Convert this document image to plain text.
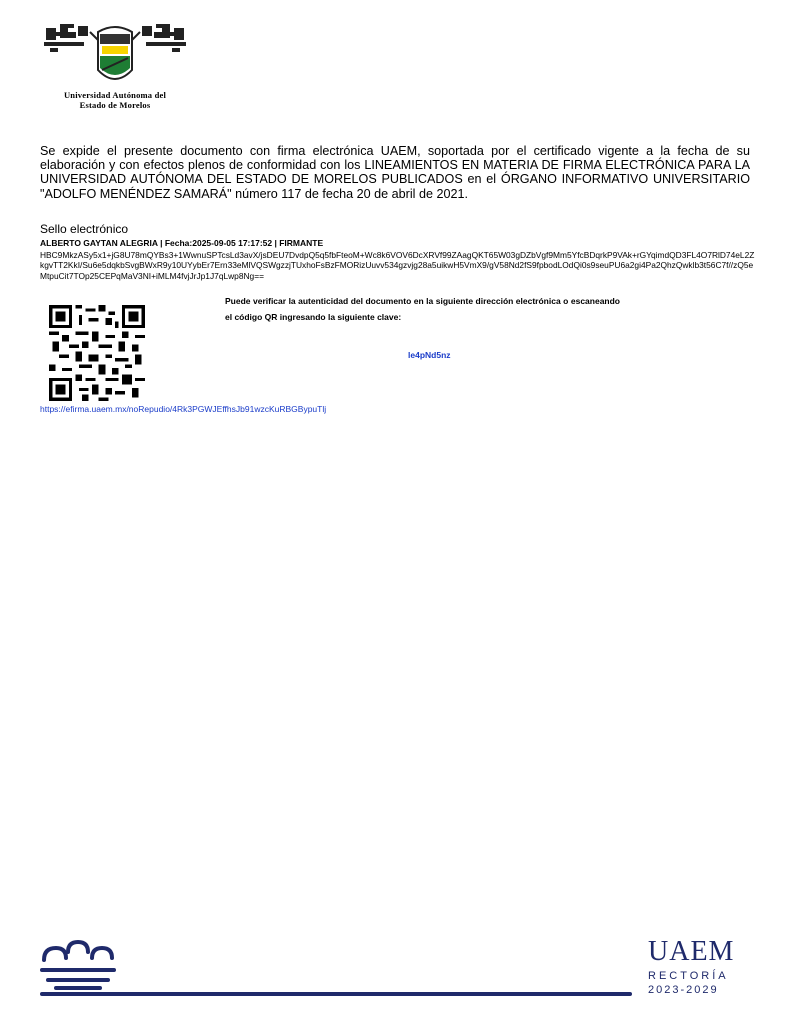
Universidad Autónoma del
Estado de Morelos
Se expide el presente documento con firma electrónica UAEM, soportada por el certificado vigente a la fecha de su elaboración y con efectos plenos de conformidad con los LINEAMIENTOS EN MATERIA DE FIRMA ELECTRÓNICA PARA LA UNIVERSIDAD AUTÓNOMA DEL ESTADO DE MORELOS PUBLICADOS en el ÓRGANO INFORMATIVO UNIVERSITARIO "ADOLFO MENÉNDEZ SAMARÁ" número 117 de fecha 20 de abril de 2021.
Sello electrónico
ALBERTO GAYTAN ALEGRIA | Fecha:2025-09-05 17:17:52 | FIRMANTE
HBC9MkzASy5x1+jG8U78mQYBs3+1WwnuSPTcsLd3avX/jsDEU7DvdpQ5q5fbFteoM+Wc8k6VOV6DcXRVf99ZAagQKT65W03gDZbVgf9Mm5YfcBDqrkP9VAk+rGYqimdQD3FL4O7RlD74eL2ZkgvTT2KkI/Su6e5dqkbSvgBWxR9y10UYybEr7Ern33eMlVQSWgzzjTUxhoFsBzFMORizUuvv534gzvjg28a5uikwH5VmX9/gV58Nd2fS9fpbodLOdQi0s9seuPU6a2gi4Pa2QhzQwklb3t56C7f//zQ5eMtpuCit7TOp25CEPqMaV3NI+iMLM4fvjJrJp1J7qLwp8Ng==
Puede verificar la autenticidad del documento en la siguiente dirección electrónica o escaneando el código QR ingresando la siguiente clave:
le4pNd5nz
https://efirma.uaem.mx/noRepudio/4Rk3PGWJEffhsJb91wzcKuRBGBypuTlj
UAEM
RECTORÍA
2023-2029
